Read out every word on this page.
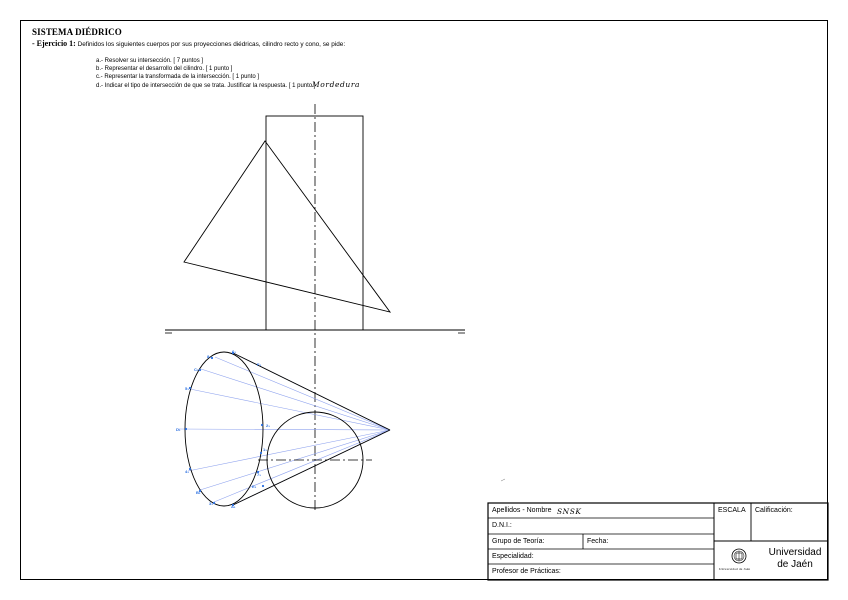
SISTEMA DIÉDRICO
- Ejercicio 1: Definidos los siguientes cuerpos por sus proyecciones diédricas, cilindro recto y cono, se pide:
a.- Resolver su intersección. [ 7 puntos ]
b.- Representar el desarrollo del cilindro. [ 1 punto ]
c.- Representar la transformada de la intersección. [ 1 punto ]
d.- Indicar el tipo de intersección de que se trata. Justificar la respuesta. [ 1 punto ]
Mordedura
8₁
6₁
C₁
5₁
D₁
4₁
B₁
3₁
A₁
2₁
1₁
7₁
E₁
F₁
Apellidos - Nombre SNSK
D.N.I.:
Grupo de Teoría:	Fecha:
Especialidad:
Profesor de Prácticas:
ESCALA Calificación:
Universidad
de Jaén
Universidad de Jaén
